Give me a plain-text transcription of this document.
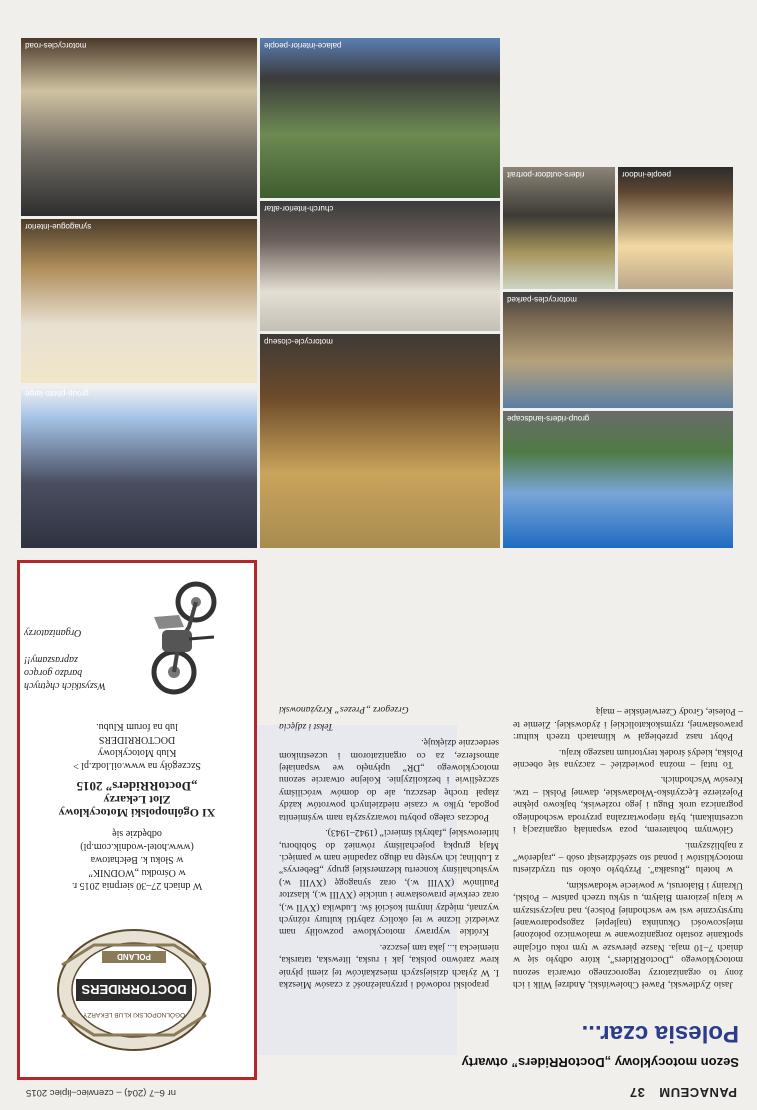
PANACEUM37
nr 6–7 (204) – czerwiec–lipiec 2015
Sezon motocyklowy „DoctoRRiders” otwarty
Polesia czar...

Jasio Zydlewski, Paweł Cholewiński, Andrzej Wilk i ich żony to organizatorzy tegorocznego otwarcia sezonu motocyklowego „DoctoRRiders”, które odbyło się w dniach 7–10 maja. Nasze pierwsze w tym roku oficjalne spotkanie zostało zorganizowane w malowniczo położonej miejscowości Okuninka (najlepiej zagospodarowanej turystycznie wsi we wschodniej Polsce), nad najczystszym w kraju jeziorem Białym, u styku trzech państw – Polski, Ukrainy i Białorusi, w powiecie włodawskim,

w hotelu „Rusałka”. Przybyło około stu trzydziestu motocyklistów i ponad sto sześćdziesiąt osób – „rajderów” z najbliższymi.

Głównym bohaterem, poza wspaniałą organizacją i uczestnikami, była niepowtarzalna przyroda wschodniego pogranicza urok Bugu i jego rozlewisk, bajkowo piękne Pojezierze Łęczyńsko-Włodawskie, dawnej Polski – tzw. Kresów Wschodnich.

To tutaj – można powiedzieć – zaczyna się obecnie Polska, kiedyś środek terytorium naszego kraju.

Pobyt nasz przebiegał w klimatach trzech kultur: prawosławnej, rzymskokatolickiej i żydowskiej. Ziemie te – Polesie, Grody Czerwieńskie – mają

prapolski rodowód i przynależność z czasów Mieszka I. W żyłach dzisiejszych mieszkańców tej ziemi płynie krew zarówno polska, jak i ruska, litewska, tatarska, niemiecka i... jaka tam jeszcze.

Krótkie wyprawy motocyklowe pozwoliły nam zwiedzić liczne w tej okolicy zabytki kultury różnych wyznań, między innymi kościół św. Ludwika (XVII w.), oraz cerkwie prawosławne i unickie (XVIII w.), klasztor Paulinów (XVIII w.), oraz synagogę (XVIII w.) wysłuchaliśmy koncertu klezmerskiej grupy „Bebervys” z Lublina; ich występ na długo zapadnie nam w pamięci. Mają grupką pojechaliśmy również do Sobiboru, hitlerowskiej „fabryki śmierci” (1942–1943).

Podczas całego pobytu towarzyszyła nam wyśmienita pogoda, tylko w czasie niedzielnych powrotów każdy złapał trochę deszczu, ale do domów wróciliśmy szczęśliwie i bezkolizyjnie. Kolejne otwarcie sezonu motocyklowego „DR” upłynęło we wspaniałej atmosferze, za co organizatorom i uczestnikom serdecznie dziękuję.

Tekst i zdjęcia
Grzegorz „Prezes” Krzyżanowski
DOCTORRIDERS
OGÓLNOPOLSKI KLUB LEKARZY
POLAND
W dniach 27–30 sierpnia 2015 r.
w Ośrodku „WODNIK”
w Słoku k. Bełchatowa
(www.hotel-wodnik.com.pl)
odbędzie się
XI Ogólnopolski Motocyklowy
Zlot Lekarzy
„DoctoRRiders” 2015
Szczegóły na www.oil.lodz.pl >
Klub Motocyklowy
DOCTORRIDERS
lub na forum Klubu.
Wszystkich chętnych
bardzo gorąco
zapraszamy!!
Organizatorzy
group-riders-landscape
motorcycles-parked
people-indoor
riders-outdoor-portrait
motorcycle-closeup
group-photo-large
church-interior-altar
synagogue-interior
palace-interior-people
motorcycles-road
